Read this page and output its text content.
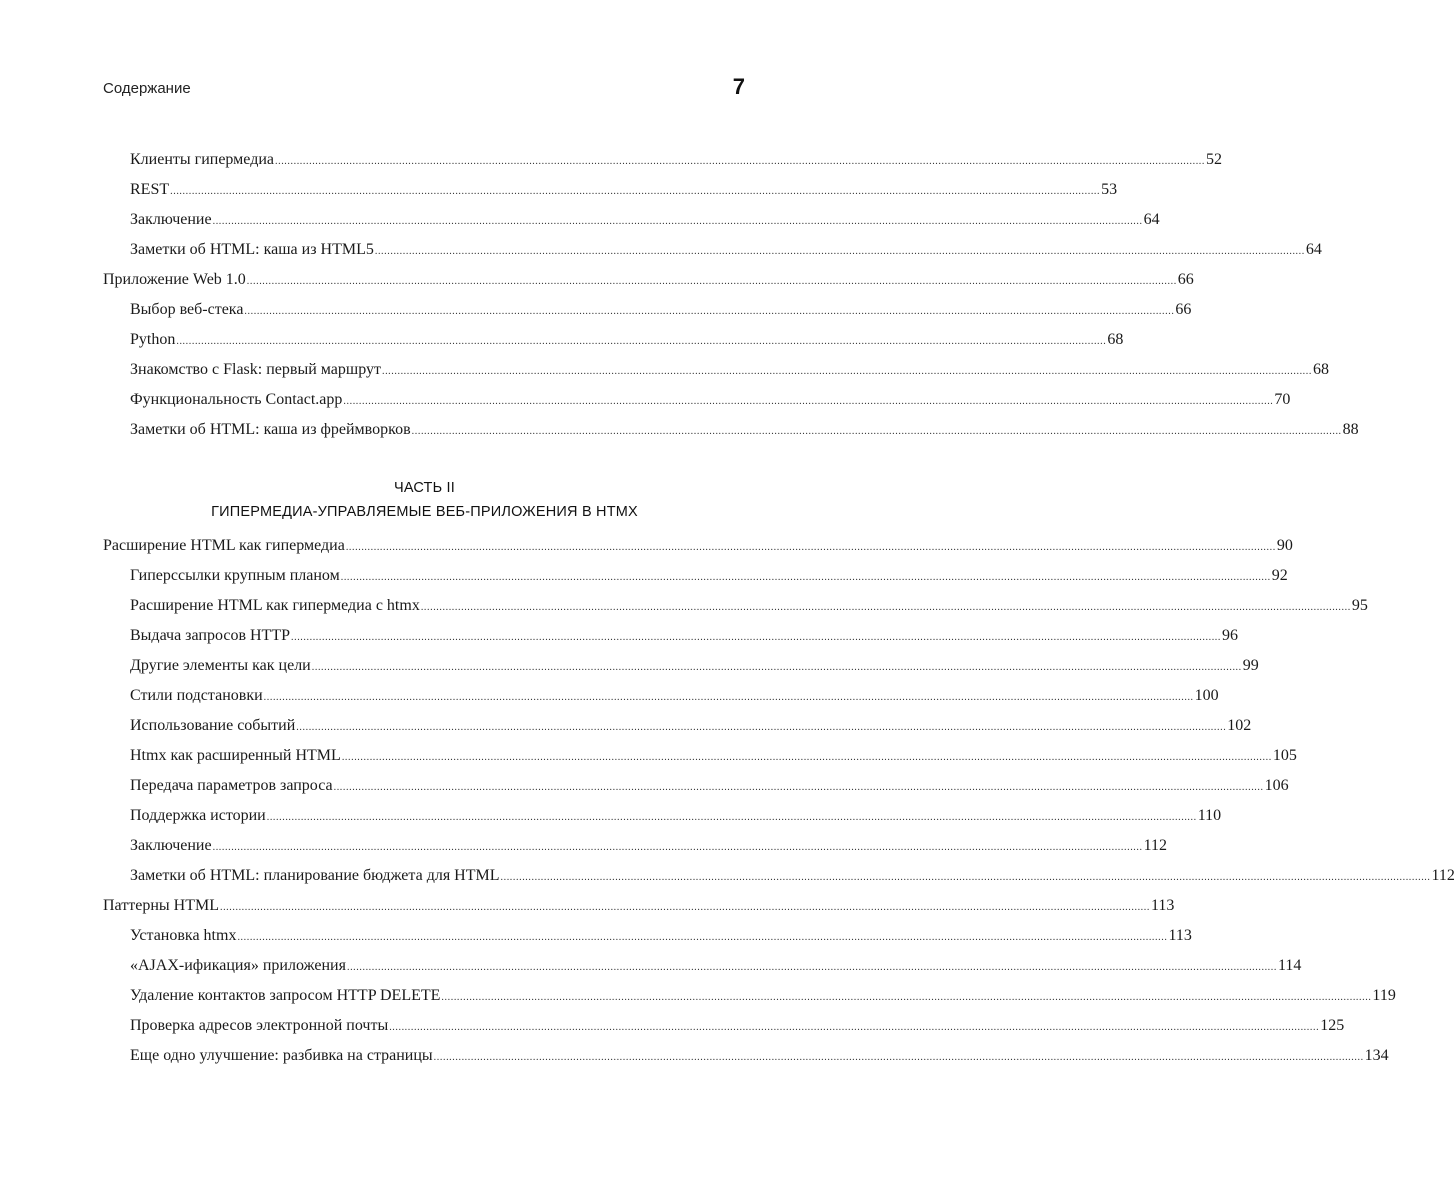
Содержание	7
Клиенты гипермедиа ............................................................................................................................................................................................................................................................................................................ 52
REST ............................................................................................................................................................................................................................................................................................................ 53
Заключение ............................................................................................................................................................................................................................................................................................................ 64
Заметки об HTML: каша из HTML5 ............................................................................................................................................................................................................................................................................................................ 64
Приложение Web 1.0 ............................................................................................................................................................................................................................................................................................................ 66
Выбор веб-стека ............................................................................................................................................................................................................................................................................................................ 66
Python ............................................................................................................................................................................................................................................................................................................ 68
Знакомство с Flask: первый маршрут ............................................................................................................................................................................................................................................................................................................ 68
Функциональность Contact.app ............................................................................................................................................................................................................................................................................................................ 70
Заметки об HTML: каша из фреймворков ............................................................................................................................................................................................................................................................................................................ 88
ЧАСТЬ II
ГИПЕРМЕДИА-УПРАВЛЯЕМЫЕ ВЕБ-ПРИЛОЖЕНИЯ В HTMX
Расширение HTML как гипермедиа ............................................................................................................................................................................................................................................................................................................ 90
Гиперссылки крупным планом ............................................................................................................................................................................................................................................................................................................ 92
Расширение HTML как гипермедиа с htmx ............................................................................................................................................................................................................................................................................................................ 95
Выдача запросов HTTP ............................................................................................................................................................................................................................................................................................................ 96
Другие элементы как цели ............................................................................................................................................................................................................................................................................................................ 99
Стили подстановки ............................................................................................................................................................................................................................................................................................................ 100
Использование событий ............................................................................................................................................................................................................................................................................................................ 102
Htmx как расширенный HTML ............................................................................................................................................................................................................................................................................................................ 105
Передача параметров запроса ............................................................................................................................................................................................................................................................................................................ 106
Поддержка истории ............................................................................................................................................................................................................................................................................................................ 110
Заключение ............................................................................................................................................................................................................................................................................................................ 112
Заметки об HTML: планирование бюджета для HTML ............................................................................................................................................................................................................................................................................................................ 112
Паттерны HTML ............................................................................................................................................................................................................................................................................................................ 113
Установка htmx ............................................................................................................................................................................................................................................................................................................ 113
«AJAX-ификация» приложения ............................................................................................................................................................................................................................................................................................................ 114
Удаление контактов запросом HTTP DELETE ............................................................................................................................................................................................................................................................................................................ 119
Проверка адресов электронной почты ............................................................................................................................................................................................................................................................................................................ 125
Еще одно улучшение: разбивка на страницы ............................................................................................................................................................................................................................................................................................................ 134
